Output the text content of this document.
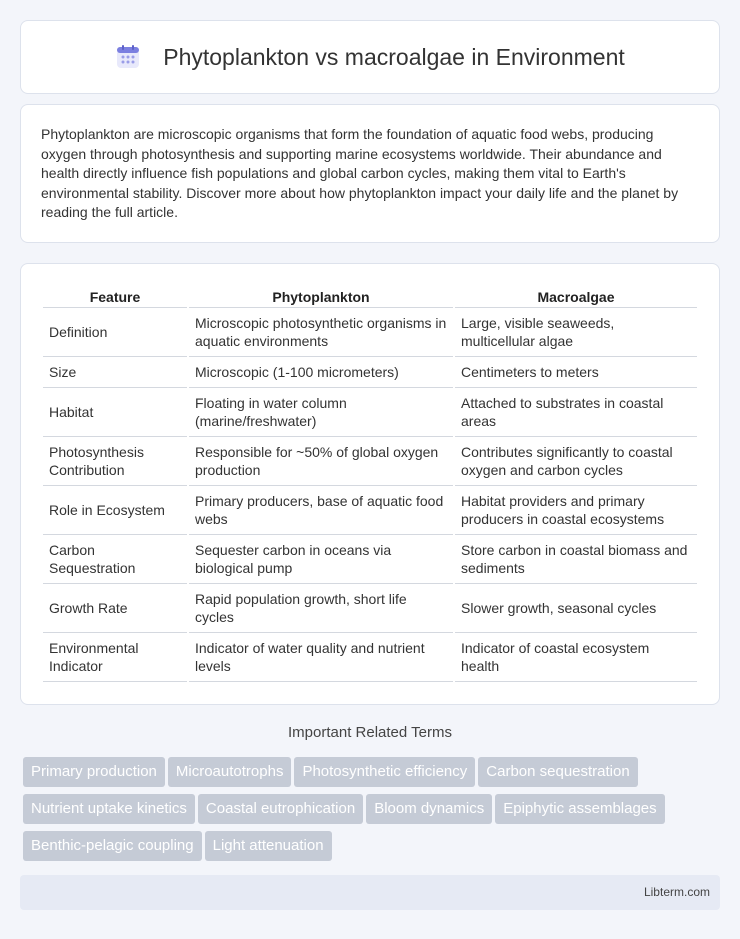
Phytoplankton vs macroalgae in Environment

Phytoplankton are microscopic organisms that form the foundation of aquatic food webs, producing oxygen through photosynthesis and supporting marine ecosystems worldwide. Their abundance and health directly influence fish populations and global carbon cycles, making them vital to Earth's environmental stability. Discover more about how phytoplankton impact your daily life and the planet by reading the full article.

Feature	Phytoplankton	Macroalgae
Definition	Microscopic photosynthetic organisms in aquatic environments	Large, visible seaweeds, multicellular algae
Size	Microscopic (1-100 micrometers)	Centimeters to meters
Habitat	Floating in water column (marine/freshwater)	Attached to substrates in coastal areas
Photosynthesis Contribution	Responsible for ~50% of global oxygen production	Contributes significantly to coastal oxygen and carbon cycles
Role in Ecosystem	Primary producers, base of aquatic food webs	Habitat providers and primary producers in coastal ecosystems
Carbon Sequestration	Sequester carbon in oceans via biological pump	Store carbon in coastal biomass and sediments
Growth Rate	Rapid population growth, short life cycles	Slower growth, seasonal cycles
Environmental Indicator	Indicator of water quality and nutrient levels	Indicator of coastal ecosystem health
Important Related Terms
Primary production Microautotrophs Photosynthetic efficiency Carbon sequestrationNutrient uptake kinetics Coastal eutrophication Bloom dynamics Epiphytic assemblagesBenthic-pelagic coupling Light attenuation
Libterm.com
